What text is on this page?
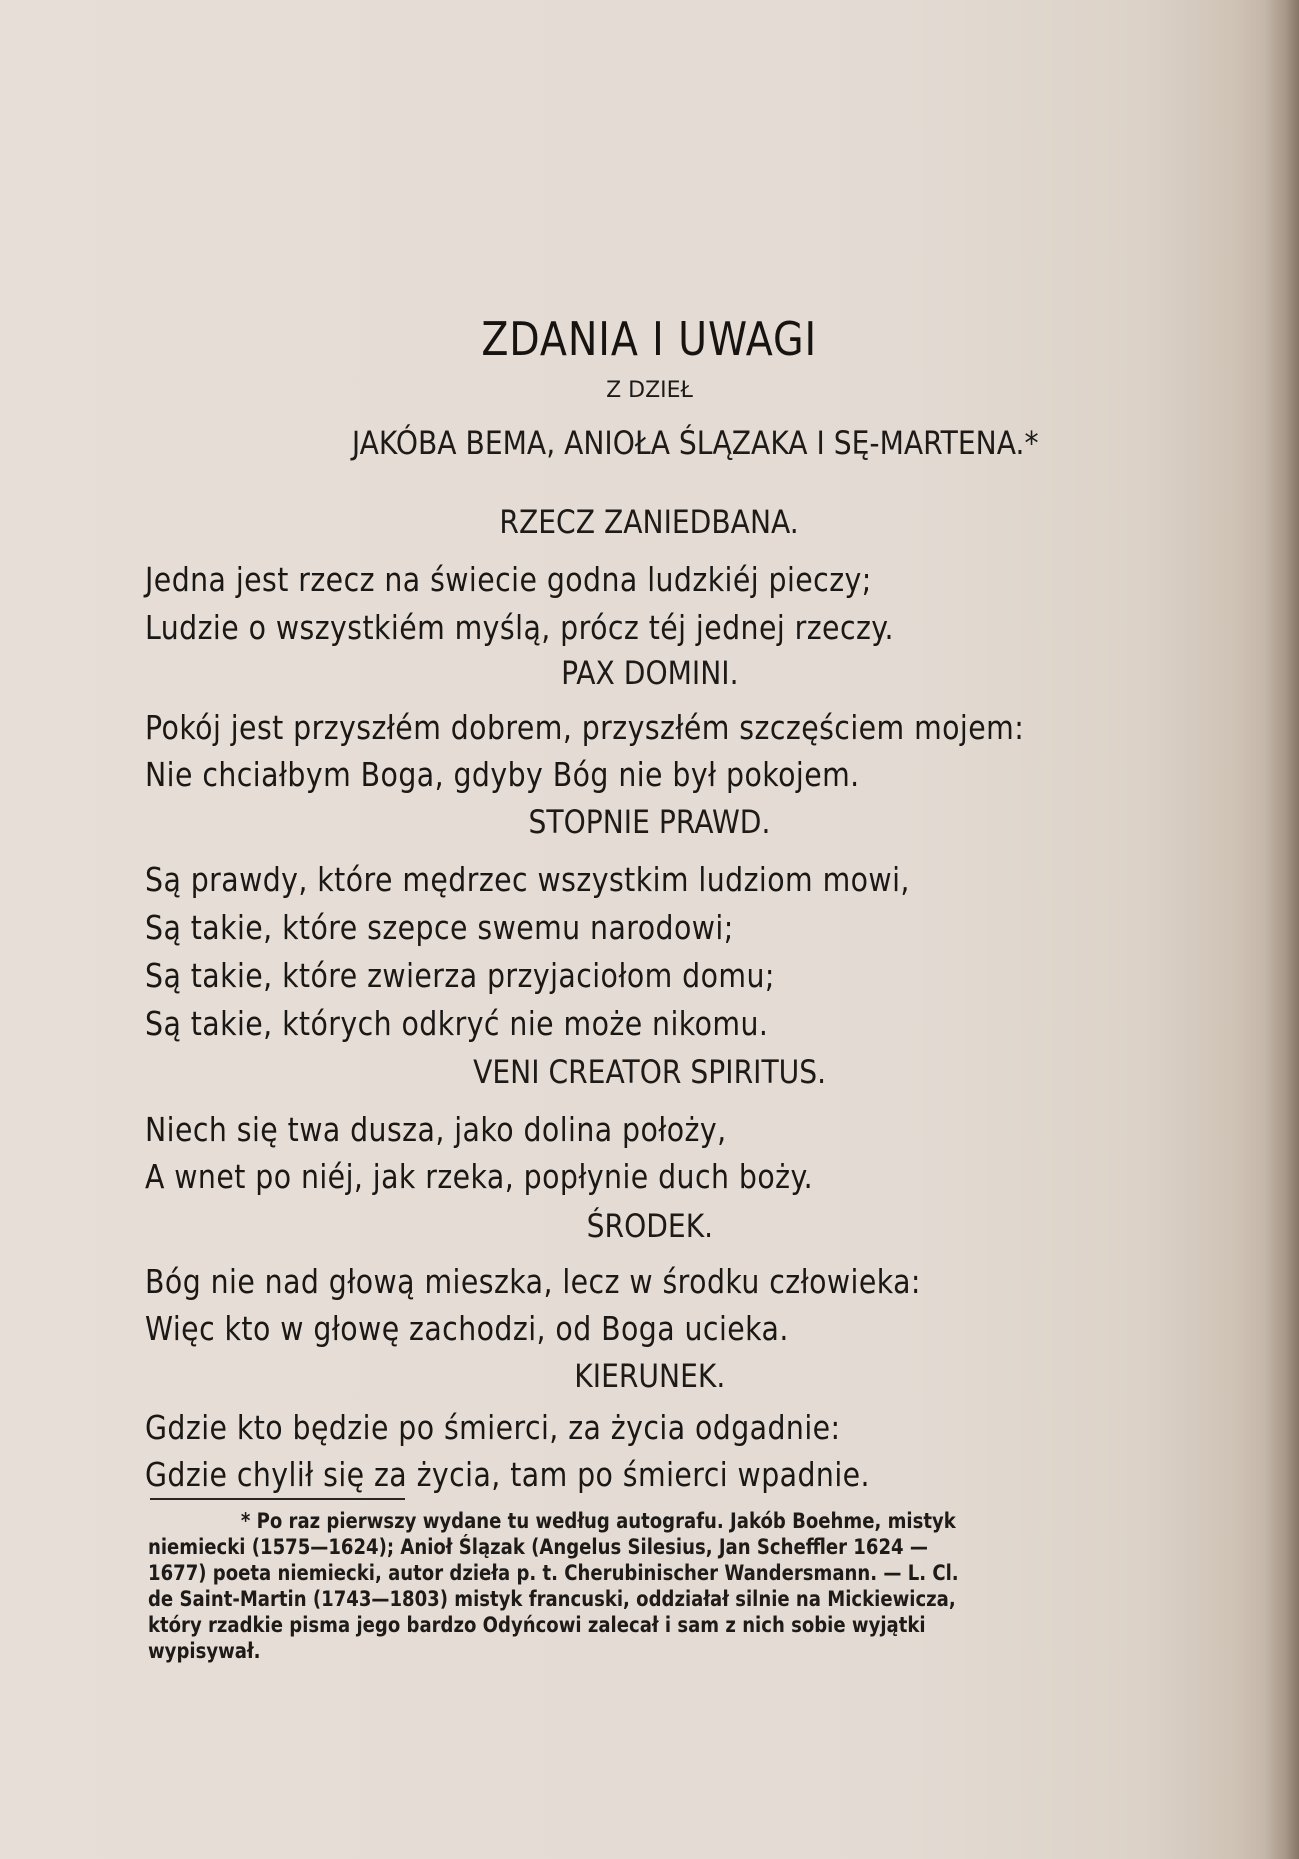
ZDANIA I UWAGI
Z DZIEŁ
JAKÓBA BEMA, ANIOŁA ŚLĄZAKA I SĘ-MARTENA.*
RZECZ ZANIEDBANA.
Jedna jest rzecz na świecie godna ludzkiéj pieczy;
Ludzie o wszystkiém myślą, prócz téj jednej rzeczy.
PAX DOMINI.
Pokój jest przyszłém dobrem, przyszłém szczęściem mojem:
Nie chciałbym Boga, gdyby Bóg nie był pokojem.
STOPNIE PRAWD.
Są prawdy, które mędrzec wszystkim ludziom mowi,
Są takie, które szepce swemu narodowi;
Są takie, które zwierza przyjaciołom domu;
Są takie, których odkryć nie może nikomu.
VENI CREATOR SPIRITUS.
Niech się twa dusza, jako dolina położy,
A wnet po niéj, jak rzeka, popłynie duch boży.
ŚRODEK.
Bóg nie nad głową mieszka, lecz w środku człowieka:
Więc kto w głowę zachodzi, od Boga ucieka.
KIERUNEK.
Gdzie kto będzie po śmierci, za życia odgadnie:
Gdzie chylił się za życia, tam po śmierci wpadnie.
* Po raz pierwszy wydane tu według autografu. Jakób Boehme, mistyk
niemiecki (1575—1624); Anioł Ślązak (Angelus Silesius, Jan Scheffler 1624 —
1677) poeta niemiecki, autor dzieła p. t. Cherubinischer Wandersmann. — L. Cl.
de Saint-Martin (1743—1803) mistyk francuski, oddziałał silnie na Mickiewicza,
który rzadkie pisma jego bardzo Odyńcowi zalecał i sam z nich sobie wyjątki
wypisywał.
